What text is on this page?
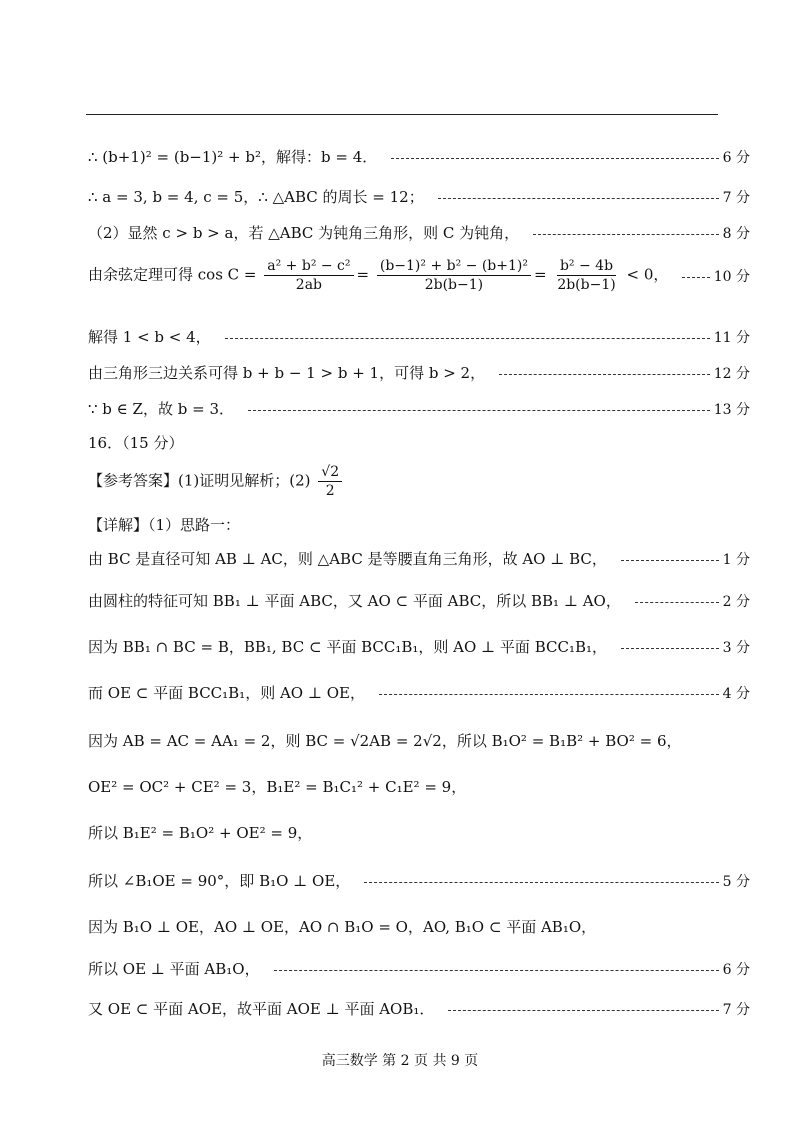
∴ (b+1)² = (b−1)² + b²，解得：b = 4．	6 分
∴ a = 3, b = 4, c = 5，∴ △ABC 的周长 = 12；	7 分
（2）显然 c > b > a，若 △ABC 为钝角三角形，则 C 为钝角，	8 分
由余弦定理可得 $\cos C = \frac{\text{a² + b² − c²}}{2ab} = \frac{\text{(b−1)² + b² − (b+1)²}}{2b(b-1)} = \frac{\text{b² − 4b}}{2b(b-1)} < 0$，	10 分
解得 1 < b < 4，	11 分
由三角形三边关系可得 b + b − 1 > b + 1，可得 b > 2，	12 分
∵ b ∈ Z，故 b = 3．	13 分
16．（15 分）
【参考答案】(1)证明见解析；$(2) \frac{√2}{2}$
【详解】（1）思路一：
由 BC 是直径可知 AB ⊥ AC，则 △ABC 是等腰直角三角形，故 AO ⊥ BC，	1 分
由圆柱的特征可知 BB₁ ⊥ 平面 ABC，又 AO ⊂ 平面 ABC，所以 BB₁ ⊥ AO，	2 分
因为 BB₁ ∩ BC = B，BB₁, BC ⊂ 平面 BCC₁B₁，则 AO ⊥ 平面 BCC₁B₁，	3 分
而 OE ⊂ 平面 BCC₁B₁，则 AO ⊥ OE，	4 分
因为 AB = AC = AA₁ = 2，则 BC = √2AB = 2√2，所以 B₁O² = B₁B² + BO² = 6，
OE² = OC² + CE² = 3，B₁E² = B₁C₁² + C₁E² = 9，
所以 B₁E² = B₁O² + OE² = 9，
所以 ∠B₁OE = 90°，即 B₁O ⊥ OE，	5 分
因为 B₁O ⊥ OE，AO ⊥ OE，AO ∩ B₁O = O，AO, B₁O ⊂ 平面 AB₁O，
所以 OE ⊥ 平面 AB₁O，	6 分
又 OE ⊂ 平面 AOE，故平面 AOE ⊥ 平面 AOB₁．	7 分
高三数学 第 2 页 共 9 页
